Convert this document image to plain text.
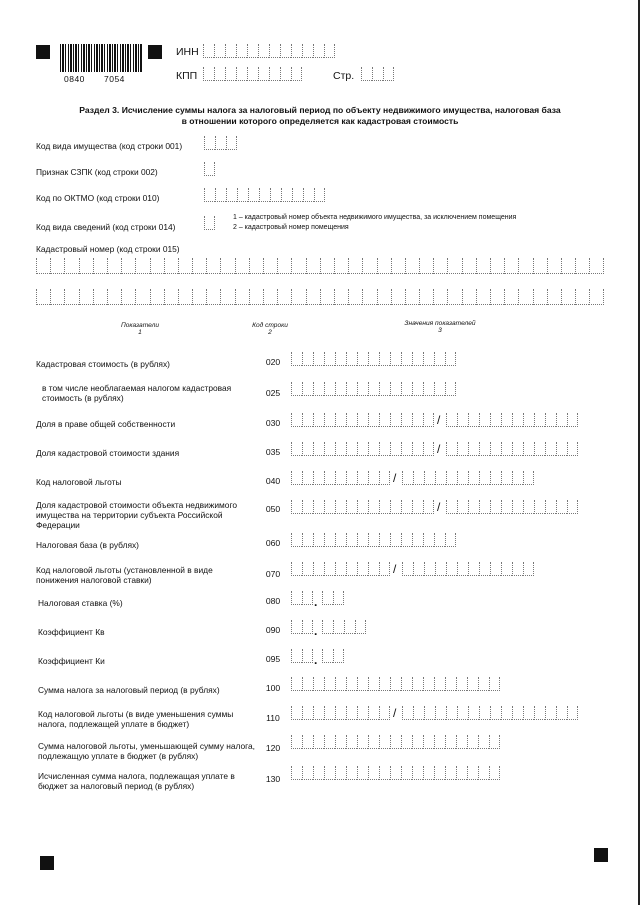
0840 7054
ИНН
КПП	Стр.
Раздел 3. Исчисление суммы налога за налоговый период по объекту недвижимого имущества, налоговая база
в отношении которого определяется как кадастровая стоимость
Код вида имущества (код строки 001)
Признак СЗПК (код строки 002)
Код по ОКТМО (код строки 010)
Код вида сведений (код строки 014)
1 – кадастровый номер объекта недвижимого имущества, за исключением помещения
2 – кадастровый номер помещения
Кадастровый номер (код строки 015)
Показатели
1
Код строки
2
Значения показателей
3
Кадастровая стоимость (в рублях)	020
в том числе необлагаемая налогом кадастровая стоимость (в рублях)	025
Доля в праве общей собственности	030	/
Доля кадастровой стоимости здания	035	/
Код налоговой льготы	040	/
Доля кадастровой стоимости объекта недвижимого имущества на территории субъекта Российской Федерации
050	/
Налоговая база (в рублях)	060
Код налоговой льготы (установленной в виде понижения налоговой ставки)
070	/
Налоговая ставка (%)	080	.
Коэффициент Кв	090	.
Коэффициент Ки	095	.
Сумма налога за налоговый период (в рублях)	100
Код налоговой льготы (в виде уменьшения суммы налога, подлежащей уплате в бюджет)
110	/
Сумма налоговой льготы, уменьшающей сумму налога, подлежащую уплате в бюджет (в рублях)
120
Исчисленная сумма налога, подлежащая уплате в бюджет за налоговый период (в рублях)
130
